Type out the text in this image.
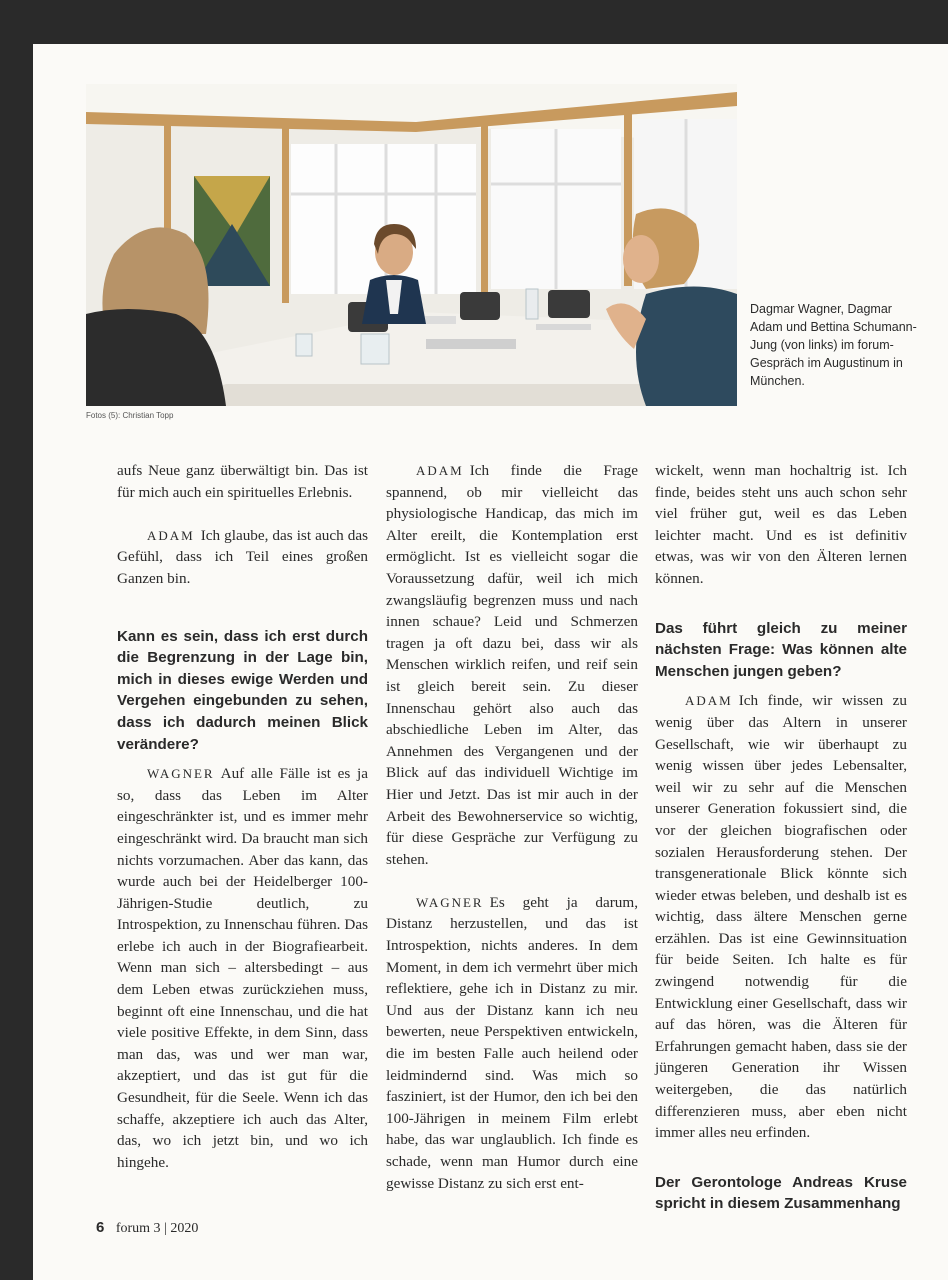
Dagmar Wagner, Dagmar Adam und Bettina Schumann-Jung (von links) im forum-Gespräch im Augustinum in München.

Fotos (5): Christian Topp

aufs Neue ganz überwältigt bin. Das ist für mich auch ein spirituelles Erlebnis.

ADAM Ich glaube, das ist auch das Gefühl, dass ich Teil eines großen Ganzen bin.

Kann es sein, dass ich erst durch die Begrenzung in der Lage bin, mich in dieses ewige Werden und Vergehen eingebunden zu sehen, dass ich dadurch meinen Blick verändere?

WAGNER Auf alle Fälle ist es ja so, dass das Leben im Alter eingeschränkter ist, und es immer mehr eingeschränkt wird. Da braucht man sich nichts vorzumachen. Aber das kann, das wurde auch bei der Heidelberger 100-Jährigen-Studie deutlich, zu Introspektion, zu Innenschau führen. Das erlebe ich auch in der Biografiearbeit. Wenn man sich – altersbedingt – aus dem Leben etwas zurückziehen muss, beginnt oft eine Innenschau, und die hat viele positive Effekte, in dem Sinn, dass man das, was und wer man war, akzeptiert, und das ist gut für die Gesundheit, für die Seele. Wenn ich das schaffe, akzeptiere ich auch das Alter, das, wo ich jetzt bin, und wo ich hingehe.

ADAM Ich finde die Frage spannend, ob mir vielleicht das physiologische Handicap, das mich im Alter ereilt, die Kontemplation erst ermöglicht. Ist es vielleicht sogar die Voraussetzung dafür, weil ich mich zwangsläufig begrenzen muss und nach innen schaue? Leid und Schmerzen tragen ja oft dazu bei, dass wir als Menschen wirklich reifen, und reif sein ist gleich bereit sein. Zu dieser Innenschau gehört also auch das abschiedliche Leben im Alter, das Annehmen des Vergangenen und der Blick auf das individuell Wichtige im Hier und Jetzt. Das ist mir auch in der Arbeit des Bewohnerservice so wichtig, für diese Gespräche zur Verfügung zu stehen.

WAGNER Es geht ja darum, Distanz herzustellen, und das ist Introspektion, nichts anderes. In dem Moment, in dem ich vermehrt über mich reflektiere, gehe ich in Distanz zu mir. Und aus der Distanz kann ich neu bewerten, neue Perspektiven entwickeln, die im besten Falle auch heilend oder leidmindernd sind. Was mich so fasziniert, ist der Humor, den ich bei den 100-Jährigen in meinem Film erlebt habe, das war unglaublich. Ich finde es schade, wenn man Humor durch eine gewisse Distanz zu sich erst ent-

wickelt, wenn man hochaltrig ist. Ich finde, beides steht uns auch schon sehr viel früher gut, weil es das Leben leichter macht. Und es ist definitiv etwas, was wir von den Älteren lernen können.

Das führt gleich zu meiner nächsten Frage: Was können alte Menschen jungen geben?

ADAM Ich finde, wir wissen zu wenig über das Altern in unserer Gesellschaft, wie wir überhaupt zu wenig wissen über jedes Lebensalter, weil wir zu sehr auf die Menschen unserer Generation fokussiert sind, die vor der gleichen biografischen oder sozialen Herausforderung stehen. Der transgenerationale Blick könnte sich wieder etwas beleben, und deshalb ist es wichtig, dass ältere Menschen gerne erzählen. Das ist eine Gewinnsituation für beide Seiten. Ich halte es für zwingend notwendig für die Entwicklung einer Gesellschaft, dass wir auf das hören, was die Älteren für Erfahrungen gemacht haben, dass sie der jüngeren Generation ihr Wissen weitergeben, die das natürlich differenzieren muss, aber eben nicht immer alles neu erfinden.

Der Gerontologe Andreas Kruse spricht in diesem Zusammenhang

6 forum 3 | 2020
